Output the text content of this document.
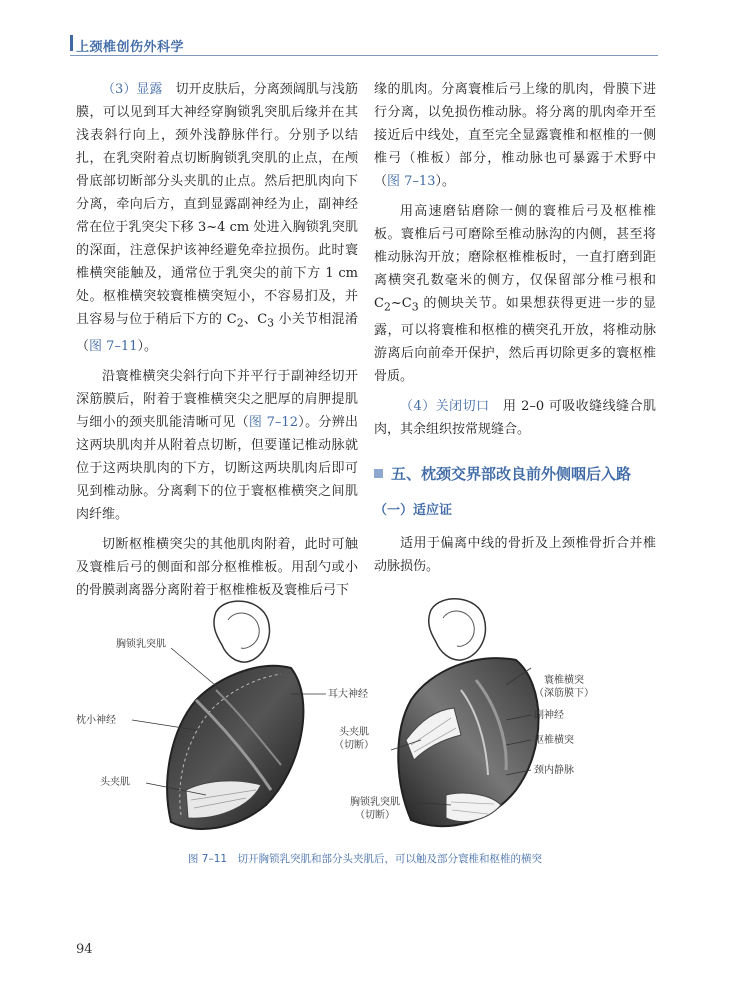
上颈椎创伤外科学

（3）显露　 切开皮肤后，分离颈阔肌与浅筋膜，可以见到耳大神经穿胸锁乳突肌后缘并在其浅表斜行向上，颈外浅静脉伴行。分别予以结扎，在乳突附着点切断胸锁乳突肌的止点，在颅骨底部切断部分头夹肌的止点。然后把肌肉向下分离，牵向后方，直到显露副神经为止，副神经常在位于乳突尖下移 3~4 cm 处进入胸锁乳突肌的深面，注意保护该神经避免牵拉损伤。此时寰椎横突能触及，通常位于乳突尖的前下方 1 cm 处。枢椎横突较寰椎横突短小，不容易扪及，并且容易与位于稍后下方的 $C_2$、$C_3$ 小关节相混淆（图 7–11）。

沿寰椎横突尖斜行向下并平行于副神经切开深筋膜后，附着于寰椎横突尖之肥厚的肩胛提肌与细小的颈夹肌能清晰可见（图 7–12）。分辨出这两块肌肉并从附着点切断，但要谨记椎动脉就位于这两块肌肉的下方，切断这两块肌肉后即可见到椎动脉。分离剩下的位于寰枢椎横突之间肌肉纤维。

切断枢椎横突尖的其他肌肉附着，此时可触及寰椎后弓的侧面和部分枢椎椎板。用刮勺或小的骨膜剥离器分离附着于枢椎椎板及寰椎后弓下

缘的肌肉。分离寰椎后弓上缘的肌肉，骨膜下进行分离，以免损伤椎动脉。将分离的肌肉牵开至接近后中线处，直至完全显露寰椎和枢椎的一侧椎弓（椎板）部分，椎动脉也可暴露于术野中（图 7–13）。

用高速磨钻磨除一侧的寰椎后弓及枢椎椎板。寰椎后弓可磨除至椎动脉沟的内侧，甚至将椎动脉沟开放；磨除枢椎椎板时，一直打磨到距离横突孔数毫米的侧方，仅保留部分椎弓根和 $C_2\sim C_3$ 的侧块关节。如果想获得更进一步的显露，可以将寰椎和枢椎的横突孔开放，将椎动脉游离后向前牵开保护，然后再切除更多的寰枢椎骨质。

（4）关闭切口　 用 2–0 可吸收缝线缝合肌肉，其余组织按常规缝合。

五、枕颈交界部改良前外侧咽后入路
（一）适应证

适用于偏离中线的骨折及上颈椎骨折合并椎动脉损伤。

胸锁乳突肌
耳大神经
枕小神经
头夹肌
寰椎横突
（深筋膜下）
副神经
头夹肌
（切断）	枢椎横突
颈内静脉
胸锁乳突肌
（切断）
图 7–11　切开胸锁乳突肌和部分头夹肌后，可以触及部分寰椎和枢椎的横突
94
